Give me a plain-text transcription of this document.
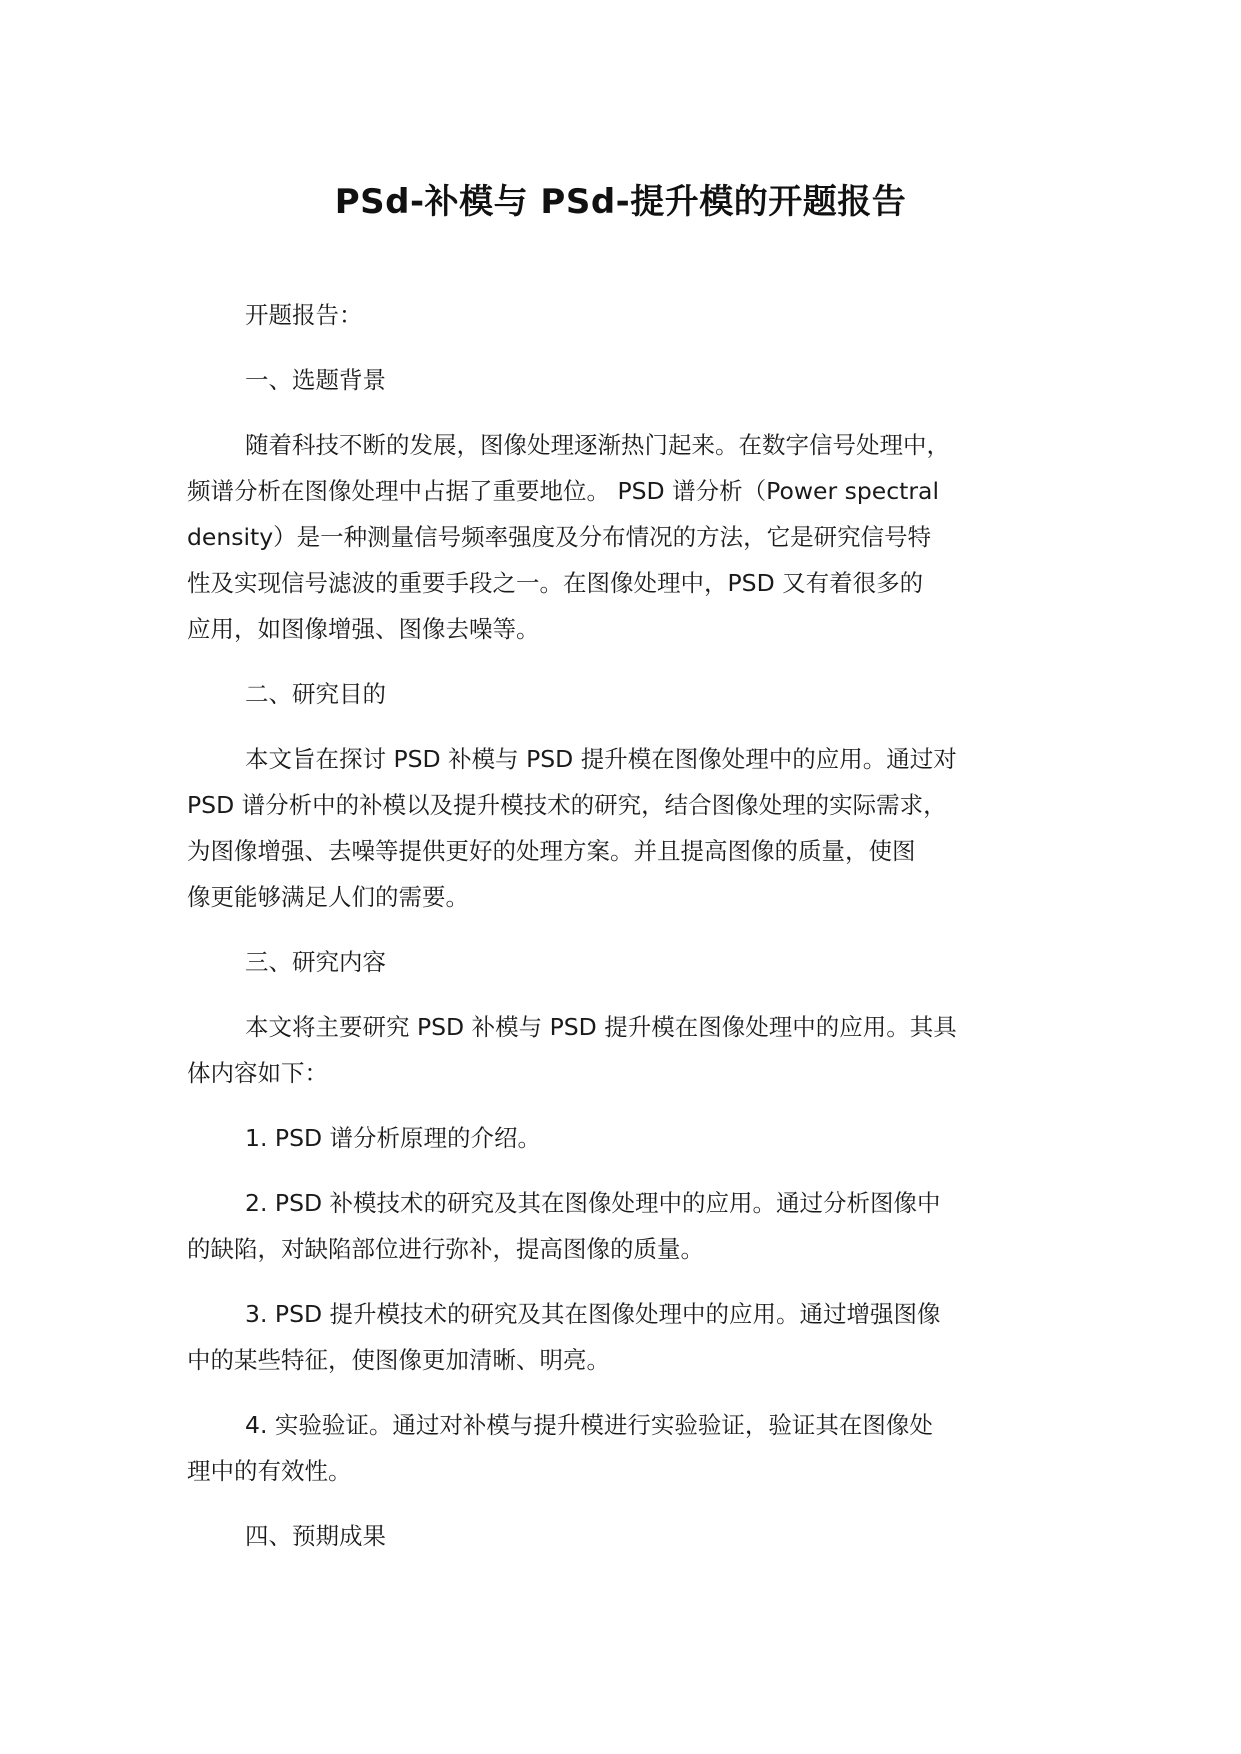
PSd-补模与 PSd-提升模的开题报告
开题报告：
一、选题背景
随着科技不断的发展，图像处理逐渐热门起来。在数字信号处理中，
频谱分析在图像处理中占据了重要地位。 PSD 谱分析（Power spectral
density）是一种测量信号频率强度及分布情况的方法，它是研究信号特
性及实现信号滤波的重要手段之一。在图像处理中，PSD 又有着很多的
应用，如图像增强、图像去噪等。
二、研究目的
本文旨在探讨 PSD 补模与 PSD 提升模在图像处理中的应用。通过对
PSD 谱分析中的补模以及提升模技术的研究，结合图像处理的实际需求，
为图像增强、去噪等提供更好的处理方案。并且提高图像的质量，使图
像更能够满足人们的需要。
三、研究内容
本文将主要研究 PSD 补模与 PSD 提升模在图像处理中的应用。其具
体内容如下：
1. PSD 谱分析原理的介绍。
2. PSD 补模技术的研究及其在图像处理中的应用。通过分析图像中
的缺陷，对缺陷部位进行弥补，提高图像的质量。
3. PSD 提升模技术的研究及其在图像处理中的应用。通过增强图像
中的某些特征，使图像更加清晰、明亮。
4. 实验验证。通过对补模与提升模进行实验验证，验证其在图像处
理中的有效性。
四、预期成果
